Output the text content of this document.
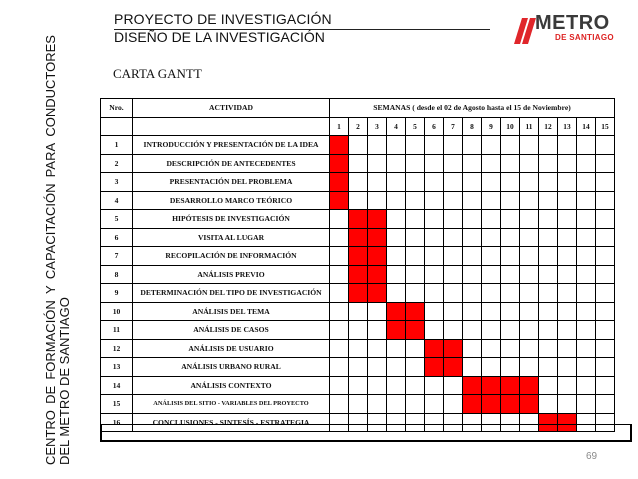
CENTRO
DE
FORMACIÓN
Y
CAPACITACIÓN
PARA
CONDUCTORES
DEL METRO DE SANTIAGO
PROYECTO DE INVESTIGACIÓN
DISEÑO DE LA INVESTIGACIÓN
METRO
DE SANTIAGO
CARTA GANTT
Nro.	ACTIVIDAD	SEMANAS ( desde el 02 de Agosto hasta el 15 de Noviembre)														
		1	2	3	4	5	6	7	8	9	10	11	12	13	14	15
1	INTRODUCCIÓN Y PRESENTACIÓN DE LA IDEA															
2	DESCRIPCIÓN DE ANTECEDENTES															
3	PRESENTACIÓN DEL PROBLEMA															
4	DESARROLLO MARCO TEÓRICO															
5	HIPÓTESIS DE INVESTIGACIÓN															
6	VISITA AL LUGAR															
7	RECOPILACIÓN DE INFORMACIÓN															
8	ANÁLISIS PREVIO															
9	DETERMINACIÓN DEL TIPO DE INVESTIGACIÓN															
10	ANÁLISIS DEL TEMA															
11	ANÁLISIS DE CASOS															
12	ANÁLISIS DE USUARIO															
13	ANÁLISIS URBANO RURAL															
14	ANÁLISIS CONTEXTO															
15	ANÁLISIS DEL SITIO - VARIABLES DEL PROYECTO															
16	CONCLUSIONES - SINTESÍS - ESTRATEGIA															
69
